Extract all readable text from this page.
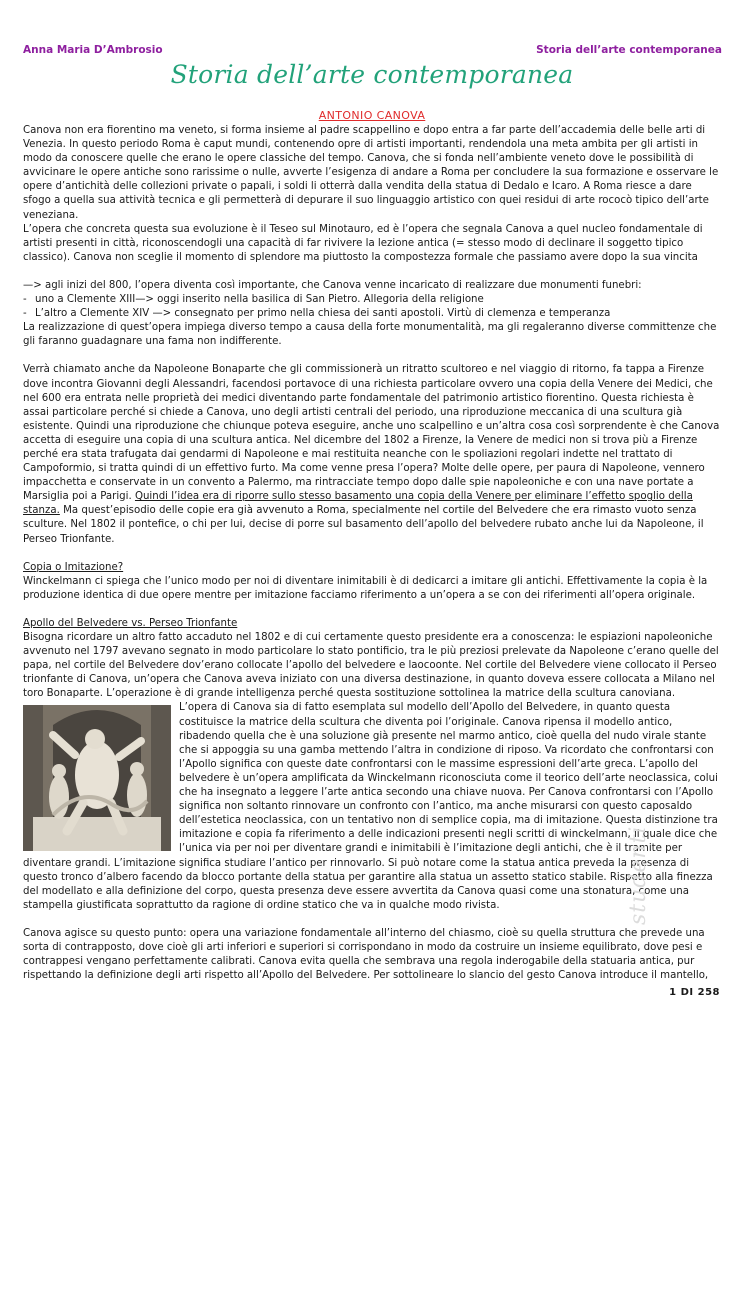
Anna Maria D’Ambrosio	Storia dell’arte contemporanea
Storia dell’arte contemporanea
ANTONIO CANOVA

Canova non era fiorentino ma veneto, si forma insieme al padre scappellino e dopo entra a far parte dell’accademia delle belle arti di Venezia. In questo periodo Roma è caput mundi, contenendo opre di artisti importanti, rendendola una meta ambita per gli artisti in modo da conoscere quelle che erano le opere classiche del tempo. Canova, che si fonda nell’ambiente veneto dove le possibilità di avvicinare le opere antiche sono rarissime o nulle, avverte l’esigenza di andare a Roma per concludere la sua formazione e osservare le opere d’antichità delle collezioni private o papali, i soldi li otterrà dalla vendita della statua di Dedalo e Icaro. A Roma riesce a dare sfogo a quella sua attività tecnica e gli permetterà di depurare il suo linguaggio artistico con quei residui di arte rococò tipico dell’arte veneziana.

L’opera che concreta questa sua evoluzione è il Teseo sul Minotauro, ed è l’opera che segnala Canova a quel nucleo fondamentale di artisti presenti in città, riconoscendogli una capacità di far rivivere la lezione antica (= stesso modo di declinare il soggetto tipico classico). Canova non sceglie il momento di splendore ma piuttosto la compostezza formale che passiamo avere dopo la sua vincita

—> agli inizi del 800, l’opera diventa così importante, che Canova venne incaricato di realizzare due monumenti funebri:

- uno a Clemente XIII—> oggi inserito nella basilica di San Pietro. Allegoria della religione

- L’altro a Clemente XIV —> consegnato per primo nella chiesa dei santi apostoli. Virtù di clemenza e temperanza

La realizzazione di quest’opera impiega diverso tempo a causa della forte monumentalità, ma gli regaleranno diverse committenze che gli faranno guadagnare una fama non indifferente.

Verrà chiamato anche da Napoleone Bonaparte che gli commissionerà un ritratto scultoreo e nel viaggio di ritorno, fa tappa a Firenze dove incontra Giovanni degli Alessandri, facendosi portavoce di una richiesta particolare ovvero una copia della Venere dei Medici, che nel 600 era entrata nelle proprietà dei medici diventando parte fondamentale del patrimonio artistico fiorentino. Questa richiesta è assai particolare perché si chiede a Canova, uno degli artisti centrali del periodo, una riproduzione meccanica di una scultura già esistente. Quindi una riproduzione che chiunque poteva eseguire, anche uno scalpellino e un’altra cosa così sorprendente è che Canova accetta di eseguire una copia di una scultura antica. Nel dicembre del 1802 a Firenze, la Venere de medici non si trova più a Firenze perché era stata trafugata dai gendarmi di Napoleone e mai restituita neanche con le spoliazioni regolari indette nel trattato di Campoformio, si tratta quindi di un effettivo furto. Ma come venne presa l’opera? Molte delle opere, per paura di Napoleone, vennero impacchetta e conservate in un convento a Palermo, ma rintracciate tempo dopo dalle spie napoleoniche e con una nave portate a Marsiglia poi a Parigi. Quindi l’idea era di riporre sullo stesso basamento una copia della Venere per eliminare l’effetto spoglio della stanza. Ma quest’episodio delle copie era già avvenuto a Roma, specialmente nel cortile del Belvedere che era rimasto vuoto senza sculture. Nel 1802 il pontefice, o chi per lui, decise di porre sul basamento dell’apollo del belvedere rubato anche lui da Napoleone, il Perseo Trionfante.

Copia o Imitazione?

Winckelmann ci spiega che l’unico modo per noi di diventare inimitabili è di dedicarci a imitare gli antichi. Effettivamente la copia è la produzione identica di due opere mentre per imitazione facciamo riferimento a un’opera a se con dei riferimenti all’opera originale.

Apollo del Belvedere vs. Perseo Trionfante

Bisogna ricordare un altro fatto accaduto nel 1802 e di cui certamente questo presidente era a conoscenza: le espiazioni napoleoniche avvenuto nel 1797 avevano segnato in modo particolare lo stato pontificio, tra le più preziosi prelevate da Napoleone c’erano quelle del papa, nel cortile del Belvedere dov’erano collocate l’apollo del belvedere e laocoonte. Nel cortile del Belvedere viene collocato il Perseo trionfante di Canova, un’opera che Canova aveva iniziato con una diversa destinazione, in quanto doveva essere collocata a Milano nel toro Bonaparte. L’operazione è di grande intelligenza perché questa sostituzione sottolinea la matrice della scultura canoviana.

L’opera di Canova sia di fatto esemplata sul modello dell’Apollo del Belvedere, in quanto questa costituisce la matrice della scultura che diventa poi l’originale. Canova ripensa il modello antico, ribadendo quella che è una soluzione già presente nel marmo antico, cioè quella del nudo virale stante che si appoggia su una gamba mettendo l’altra in condizione di riposo. Va ricordato che confrontarsi con l’Apollo significa con queste date confrontarsi con le massime espressioni dell’arte greca. L’apollo del belvedere è un’opera amplificata da Winckelmann riconosciuta come il teorico dell’arte neoclassica, colui che ha insegnato a leggere l’arte antica secondo una chiave nuova. Per Canova confrontarsi con l’Apollo significa non soltanto rinnovare un confronto con l’antico, ma anche misurarsi con questo caposaldo dell’estetica neoclassica, con un tentativo non di semplice copia, ma di imitazione. Questa distinzione tra imitazione e copia fa riferimento a delle indicazioni presenti negli scritti di winckelmann, il quale dice che l’unica via per noi per diventare grandi e inimitabili è l’imitazione degli antichi, che è il tramite per diventare grandi. L’imitazione significa studiare l’antico per rinnovarlo. Si può notare come la statua antica preveda la presenza di questo tronco d’albero facendo da blocco portante della statua per garantire alla statua un assetto statico stabile. Rispetto alla finezza del modellato e alla definizione del corpo, questa presenza deve essere avvertita da Canova quasi come una stonatura, come una stampella giustificata soprattutto da ragione di ordine statico che va in qualche modo rivista.

Canova agisce su questo punto: opera una variazione fondamentale all’interno del chiasmo, cioè su quella struttura che prevede una sorta di contrapposto, dove cioè gli arti inferiori e superiori si corrispondano in modo da costruire un insieme equilibrato, dove pesi e contrappesi vengano perfettamente calibrati. Canova evita quella che sembrava una regola inderogabile della statuaria antica, pur rispettando la definizione degli arti rispetto all’Apollo del Belvedere. Per sottolineare lo slancio del gesto Canova introduce il mantello,

studenti
1 DI 258
